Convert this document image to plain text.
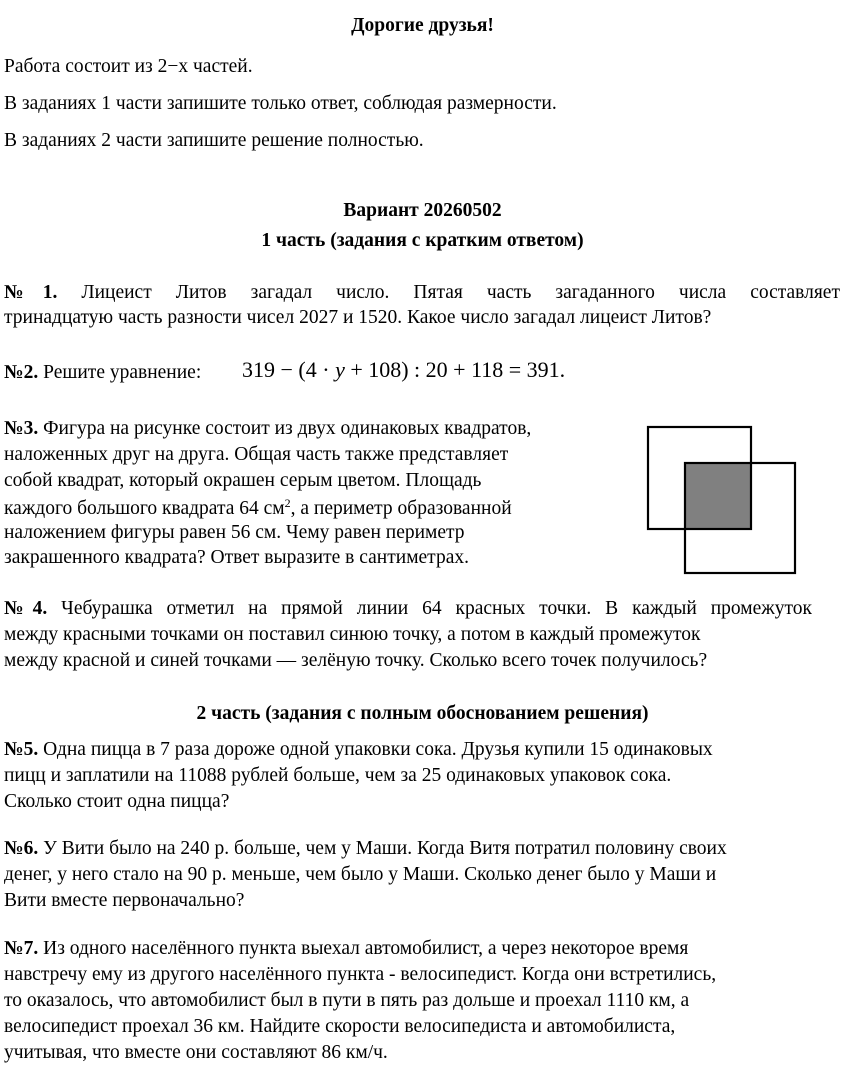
Дорогие друзья!
Работа состоит из 2−х частей.
В заданиях 1 части запишите только ответ, соблюдая размерности.
В заданиях 2 части запишите решение полностью.
Вариант 20260502
1 часть (задания с кратким ответом)
№1. Лицеист Литов загадал число. Пятая часть загаданного числа составляет
тринадцатую часть разности чисел 2027 и 1520. Какое число загадал лицеист Литов?
№2. Решите уравнение: 319 − (4 · y + 108) : 20 + 118 = 391.
№3. Фигура на рисунке состоит из двух одинаковых квадратов,
наложенных друг на друга. Общая часть также представляет
собой квадрат, который окрашен серым цветом. Площадь
каждого большого квадрата 64 $см^2$, а периметр образованной
наложением фигуры равен 56 см. Чему равен периметр
закрашенного квадрата? Ответ выразите в сантиметрах.
№4. Чебурашка отметил на прямой линии 64 красных точки. В каждый промежуток
между красными точками он поставил синюю точку, а потом в каждый промежуток
между красной и синей точками — зелёную точку. Сколько всего точек получилось?
2 часть (задания с полным обоснованием решения)
№5. Одна пицца в 7 раза дороже одной упаковки сока. Друзья купили 15 одинаковых
пицц и заплатили на 11088 рублей больше, чем за 25 одинаковых упаковок сока.
Сколько стоит одна пицца?
№6. У Вити было на 240 р. больше, чем у Маши. Когда Витя потратил половину своих
денег, у него стало на 90 р. меньше, чем было у Маши. Сколько денег было у Маши и
Вити вместе первоначально?
№7. Из одного населённого пункта выехал автомобилист, а через некоторое время
навстречу ему из другого населённого пункта - велосипедист. Когда они встретились,
то оказалось, что автомобилист был в пути в пять раз дольше и проехал 1110 км, а
велосипедист проехал 36 км. Найдите скорости велосипедиста и автомобилиста,
учитывая, что вместе они составляют 86 км/ч.
